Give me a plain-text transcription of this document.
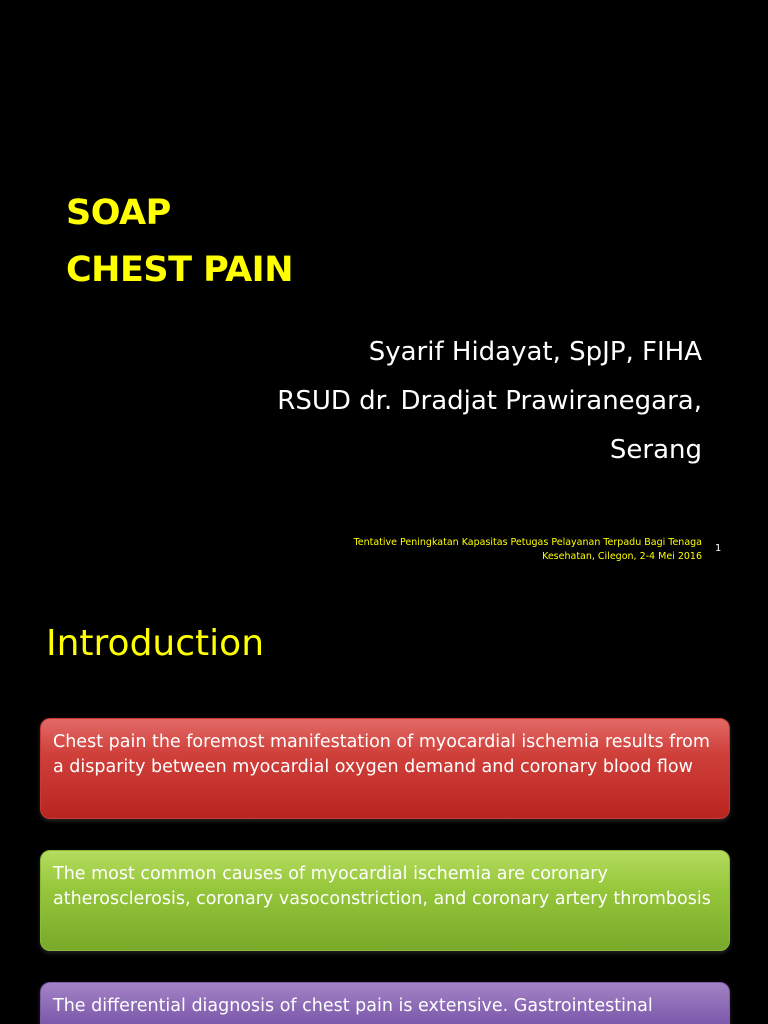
SOAP
CHEST PAIN
Syarif Hidayat, SpJP, FIHA
RSUD dr. Dradjat Prawiranegara,
Serang
Tentative Peningkatan Kapasitas Petugas Pelayanan Terpadu Bagi Tenaga
Kesehatan, Cilegon, 2-4 Mei 2016
1
Introduction
Chest pain the foremost manifestation of myocardial ischemia results from a disparity between myocardial oxygen demand and coronary blood flow
The most common causes of myocardial ischemia are coronary atherosclerosis, coronary vasoconstriction, and coronary artery thrombosis
The differential diagnosis of chest pain is extensive. Gastrointestinal
